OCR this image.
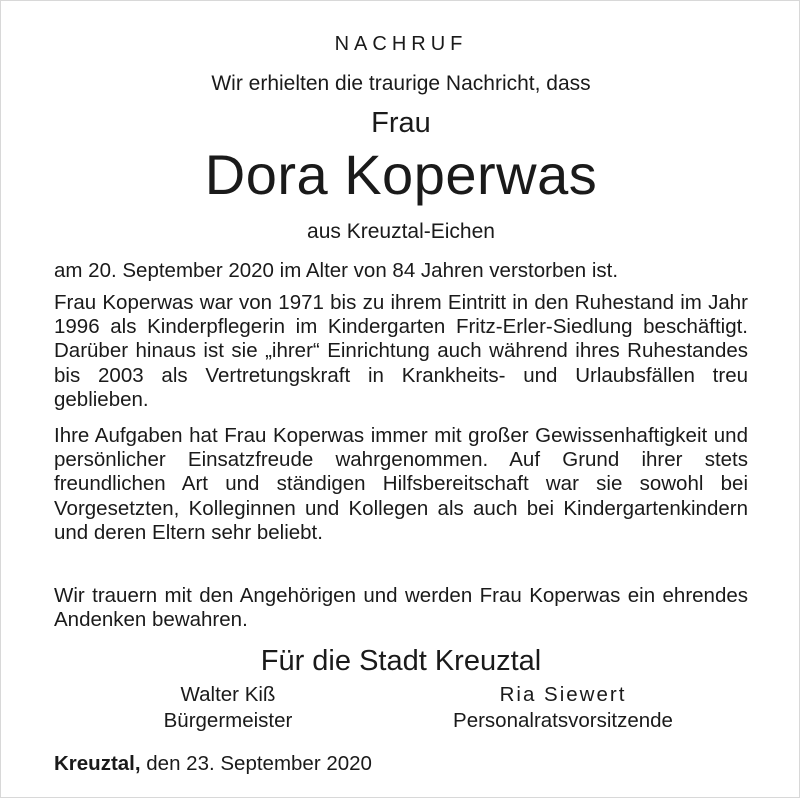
NACHRUF
Wir erhielten die traurige Nachricht, dass
Frau
Dora Koperwas
aus Kreuztal-Eichen
am 20. September 2020 im Alter von 84 Jahren verstorben ist.

Frau Koperwas war von 1971 bis zu ihrem Eintritt in den Ruhestand im Jahr 1996 als Kinderpflegerin im Kindergarten Fritz-Erler-Siedlung beschäftigt. Darüber hinaus ist sie „ihrer“ Einrichtung auch während ihres Ruhestandes bis 2003 als Vertretungskraft in Krankheits- und Urlaubsfällen treu geblieben.

Ihre Aufgaben hat Frau Koperwas immer mit großer Gewissenhaftigkeit und persönlicher Einsatzfreude wahrgenommen. Auf Grund ihrer stets freundlichen Art und ständigen Hilfsbereitschaft war sie sowohl bei Vorgesetzten, Kolleginnen und Kollegen als auch bei Kindergartenkindern und deren Eltern sehr beliebt.

Wir trauern mit den Angehörigen und werden Frau Koperwas ein ehrendes Andenken bewahren.

Für die Stadt Kreuztal
Walter Kiß
Bürgermeister
Ria Siewert
Personalratsvorsitzende
Kreuztal, den 23. September 2020
